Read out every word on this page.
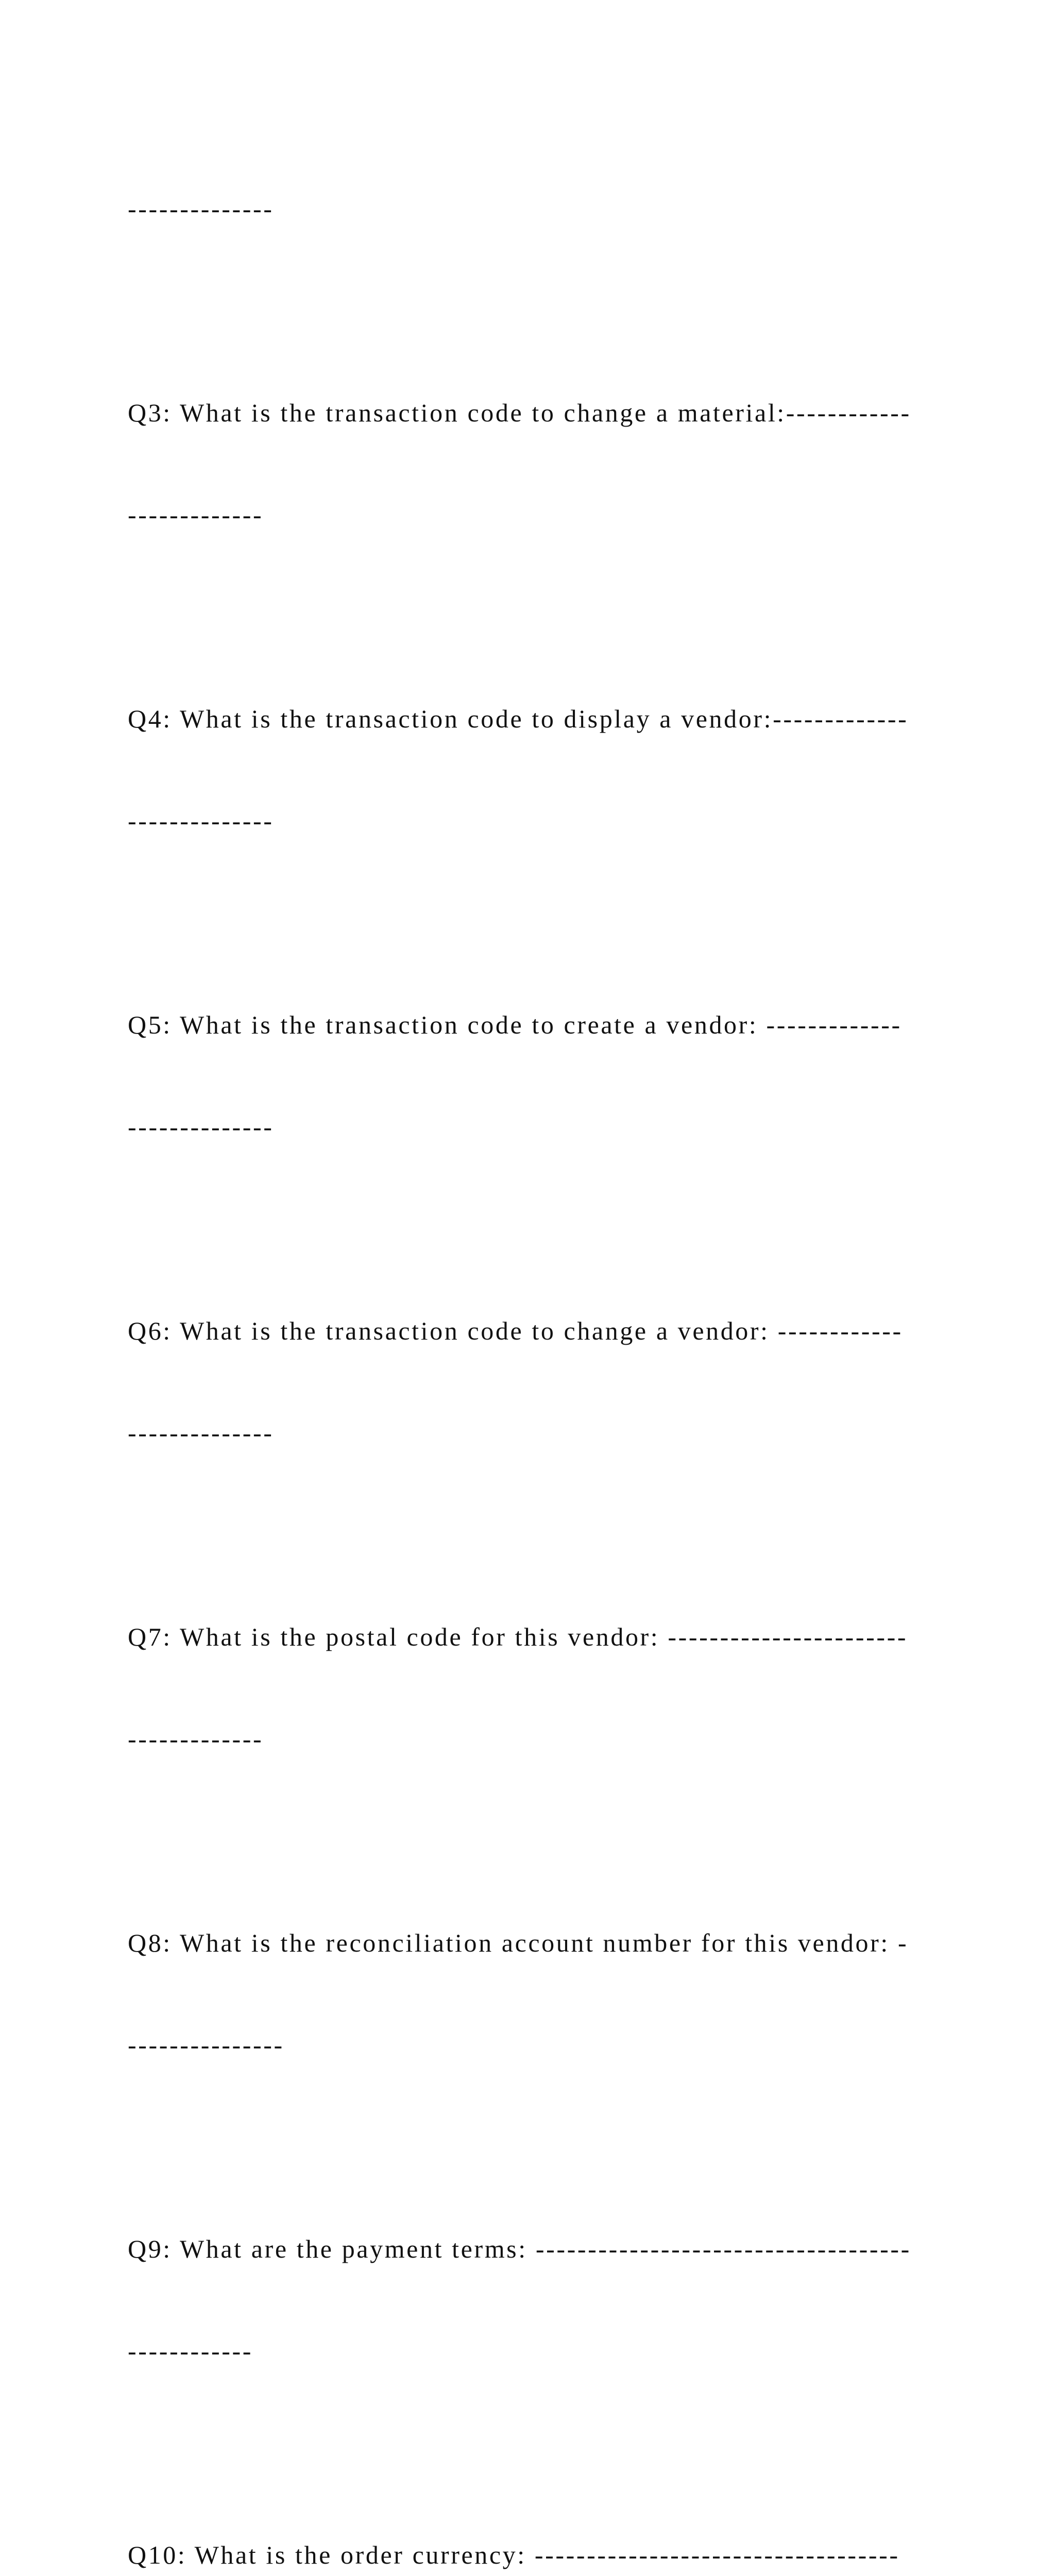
--------------

Q3: What is the transaction code to change a material:------------

-------------

Q4: What is the transaction code to display a vendor:-------------

--------------

Q5: What is the transaction code to create a vendor: -------------

--------------

Q6: What is the transaction code to change a vendor: ------------

--------------

Q7: What is the postal code for this vendor: -----------------------

-------------

Q8: What is the reconciliation account number for this vendor: -

---------------

Q9: What are the payment terms: ------------------------------------

------------

Q10: What is the order currency: -----------------------------------
